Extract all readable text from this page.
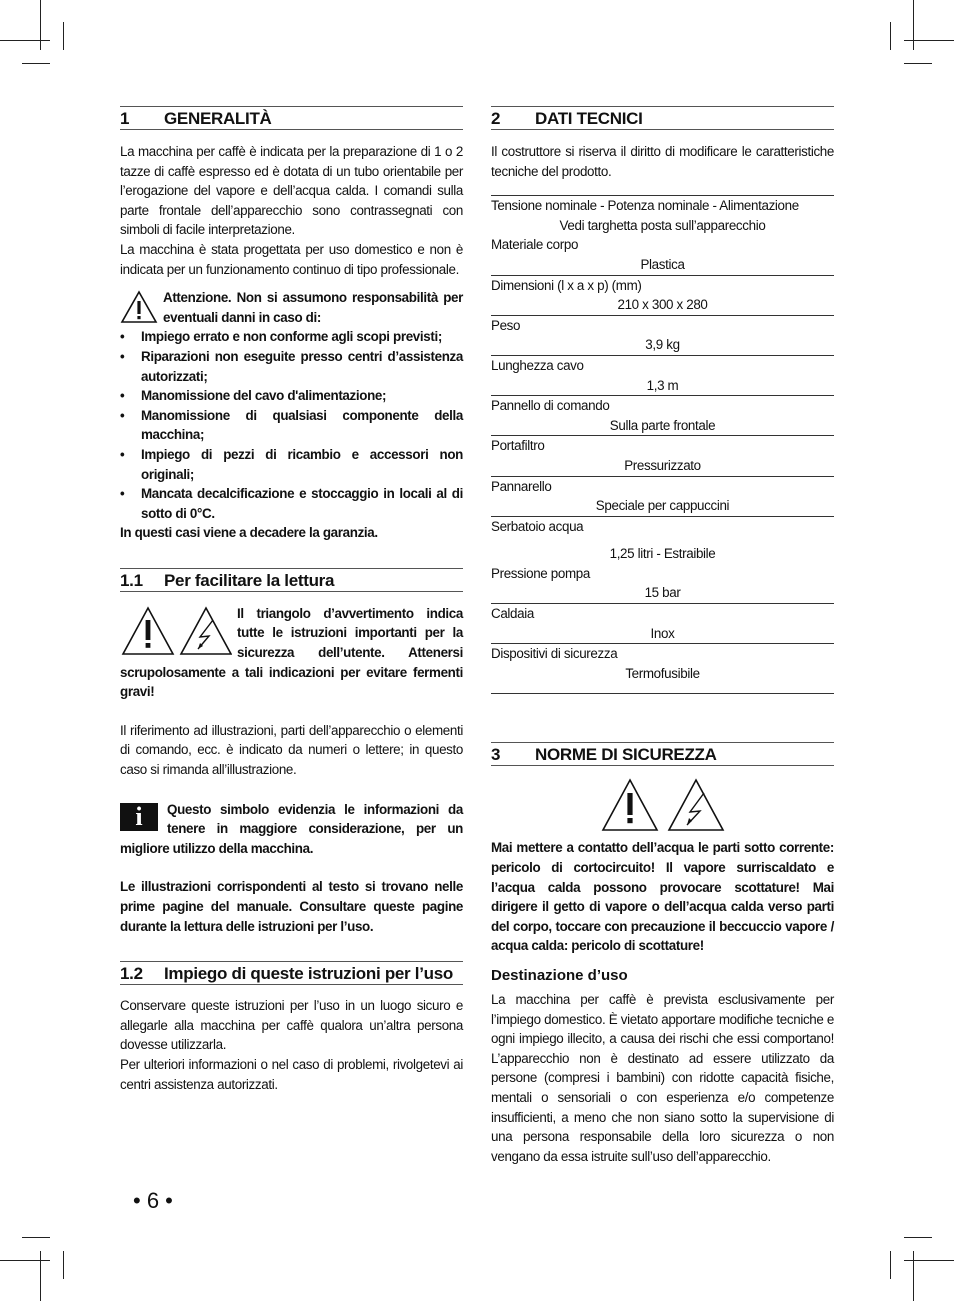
1 GENERALITÀ

La macchina per caffè è indicata per la preparazione di 1 o 2 tazze di caffè espresso ed è dotata di un tubo orientabile per l’erogazione del vapore e dell’acqua calda. I comandi sulla parte frontale dell’apparecchio sono contrassegnati con simboli di facile interpretazione.

La macchina è stata progettata per uso domestico e non è indicata per un funzionamento continuo di tipo professionale.

Attenzione. Non si assumono responsabilità per eventuali danni in caso di:

• Impiego errato e non conforme agli scopi previsti;
• Riparazioni non eseguite presso centri d’assistenza autorizzati;
• Manomissione del cavo d'alimentazione;
• Manomissione di qualsiasi componente della macchina;
• Impiego di pezzi di ricambio e accessori non originali;
• Mancata decalcificazione e stoccaggio in locali al di sotto di 0°C.

In questi casi viene a decadere la garanzia.

1.1 Per facilitare la lettura

Il triangolo d’avvertimento indica tutte le istruzioni importanti per la sicurezza dell’utente. Attenersi scrupolosamente a tali indicazioni per evitare fermenti gravi!

Il riferimento ad illustrazioni, parti dell’apparecchio o elementi di comando, ecc. è indicato da numeri o lettere; in questo caso si rimanda all’illustrazione.

i	Questo simbolo evidenzia le informazioni da tenere in maggiore considerazione, per un migliore utilizzo della macchina.

Le illustrazioni corrispondenti al testo si trovano nelle prime pagine del manuale. Consultare queste pagine durante la lettura delle istruzioni per l’uso.

1.2 Impiego di queste istruzioni per l’uso

Conservare queste istruzioni per l’uso in un luogo sicuro e allegarle alla macchina per caffè qualora un’altra persona dovesse utilizzarla.

Per ulteriori informazioni o nel caso di problemi, rivolgetevi ai centri assistenza autorizzati.

2 DATI TECNICI

Il costruttore si riserva il diritto di modificare le caratteristiche tecniche del prodotto.

Tensione nominale - Potenza nominale - Alimentazione
Vedi targhetta posta sull’apparecchio
Materiale corpo
Plastica
Dimensioni (l x a x p) (mm)
210 x 300 x 280
Peso
3,9 kg
Lunghezza cavo
1,3 m
Pannello di comando
Sulla parte frontale
Portafiltro
Pressurizzato
Pannarello
Speciale per cappuccini
Serbatoio acqua
1,25 litri - Estraibile
Pressione pompa
15 bar
Caldaia
Inox
Dispositivi di sicurezza
Termofusibile
3 NORME DI SICUREZZA

Mai mettere a contatto dell’acqua le parti sotto corrente: pericolo di cortocircuito! Il vapore surriscaldato e l’acqua calda possono provocare scottature! Mai dirigere il getto di vapore o dell’acqua calda verso parti del corpo, toccare con precauzione il beccuccio vapore / acqua calda: pericolo di scottature!

Destinazione d’uso

La macchina per caffè è prevista esclusivamente per l’impiego domestico. È vietato apportare modifiche tecniche e ogni impiego illecito, a causa dei rischi che essi comportano! L’apparecchio non è destinato ad essere utilizzato da persone (compresi i bambini) con ridotte capacità fisiche, mentali o sensoriali o con esperienza e/o competenze insufficienti, a meno che non siano sotto la supervisione di una persona responsabile della loro sicurezza o non vengano da essa istruite sull’uso dell’apparecchio.

• 6 •
